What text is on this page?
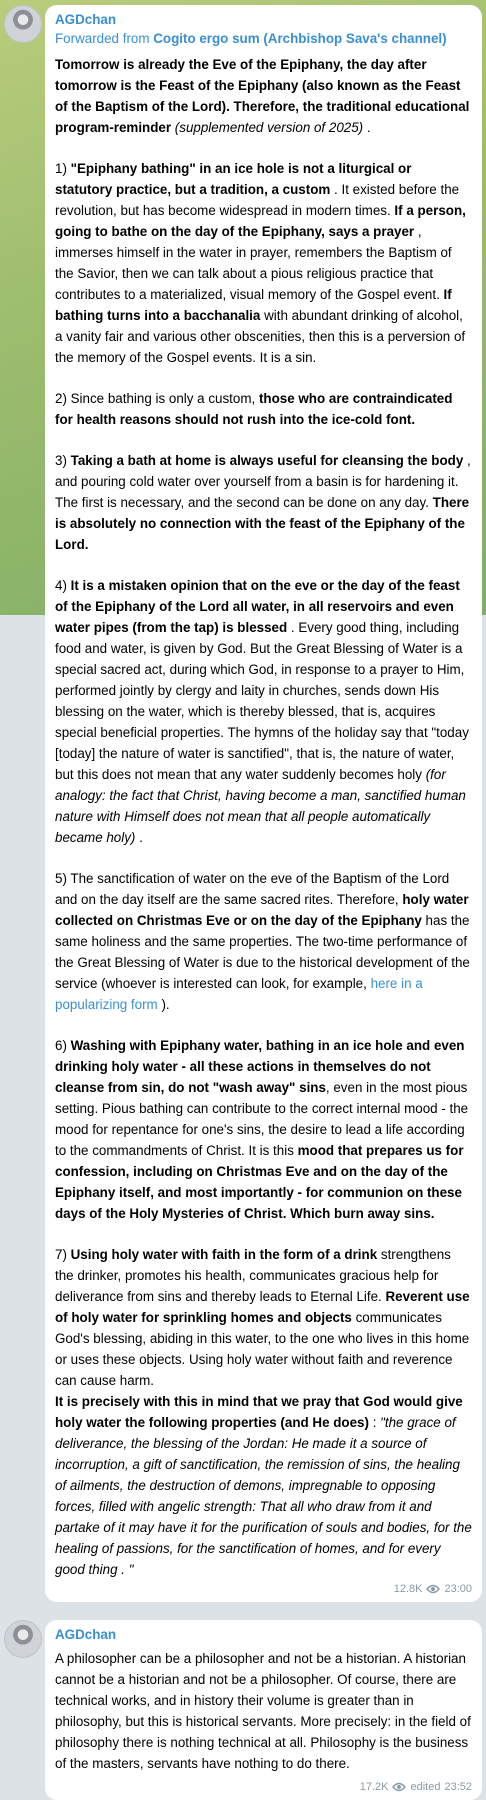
AGDchan
Forwarded from Cogito ergo sum (Archbishop Sava's channel)

Tomorrow is already the Eve of the Epiphany, the day after tomorrow is the Feast of the Epiphany (also known as the Feast of the Baptism of the Lord). Therefore, the traditional educational program-reminder (supplemented version of 2025) .

1) "Epiphany bathing" in an ice hole is not a liturgical or statutory practice, but a tradition, a custom . It existed before the revolution, but has become widespread in modern times. If a person, going to bathe on the day of the Epiphany, says a prayer , immerses himself in the water in prayer, remembers the Baptism of the Savior, then we can talk about a pious religious practice that contributes to a materialized, visual memory of the Gospel event. If bathing turns into a bacchanalia with abundant drinking of alcohol, a vanity fair and various other obscenities, then this is a perversion of the memory of the Gospel events. It is a sin.

2) Since bathing is only a custom, those who are contraindicated for health reasons should not rush into the ice-cold font.

3) Taking a bath at home is always useful for cleansing the body , and pouring cold water over yourself from a basin is for hardening it. The first is necessary, and the second can be done on any day. There is absolutely no connection with the feast of the Epiphany of the Lord.

4) It is a mistaken opinion that on the eve or the day of the feast of the Epiphany of the Lord all water, in all reservoirs and even water pipes (from the tap) is blessed . Every good thing, including food and water, is given by God. But the Great Blessing of Water is a special sacred act, during which God, in response to a prayer to Him, performed jointly by clergy and laity in churches, sends down His blessing on the water, which is thereby blessed, that is, acquires special beneficial properties. The hymns of the holiday say that "today [today] the nature of water is sanctified", that is, the nature of water, but this does not mean that any water suddenly becomes holy (for analogy: the fact that Christ, having become a man, sanctified human nature with Himself does not mean that all people automatically became holy) .

5) The sanctification of water on the eve of the Baptism of the Lord and on the day itself are the same sacred rites. Therefore, holy water collected on Christmas Eve or on the day of the Epiphany has the same holiness and the same properties. The two-time performance of the Great Blessing of Water is due to the historical development of the service (whoever is interested can look, for example, here in a popularizing form ).

6) Washing with Epiphany water, bathing in an ice hole and even drinking holy water - all these actions in themselves do not cleanse from sin, do not "wash away" sins, even in the most pious setting. Pious bathing can contribute to the correct internal mood - the mood for repentance for one's sins, the desire to lead a life according to the commandments of Christ. It is this mood that prepares us for confession, including on Christmas Eve and on the day of the Epiphany itself, and most importantly - for communion on these days of the Holy Mysteries of Christ. Which burn away sins.

7) Using holy water with faith in the form of a drink strengthens the drinker, promotes his health, communicates gracious help for deliverance from sins and thereby leads to Eternal Life. Reverent use of holy water for sprinkling homes and objects communicates God's blessing, abiding in this water, to the one who lives in this home or uses these objects. Using holy water without faith and reverence can cause harm.

It is precisely with this in mind that we pray that God would give holy water the following properties (and He does) : "the grace of deliverance, the blessing of the Jordan: He made it a source of incorruption, a gift of sanctification, the remission of sins, the healing of ailments, the destruction of demons, impregnable to opposing forces, filled with angelic strength: That all who draw from it and partake of it may have it for the purification of souls and bodies, for the healing of passions, for the sanctification of homes, and for every good thing . "

12.8K 23:00
AGDchan

A philosopher can be a philosopher and not be a historian. A historian cannot be a historian and not be a philosopher. Of course, there are technical works, and in history their volume is greater than in philosophy, but this is historical servants. More precisely: in the field of philosophy there is nothing technical at all. Philosophy is the business of the masters, servants have nothing to do there.

17.2K edited 23:52
